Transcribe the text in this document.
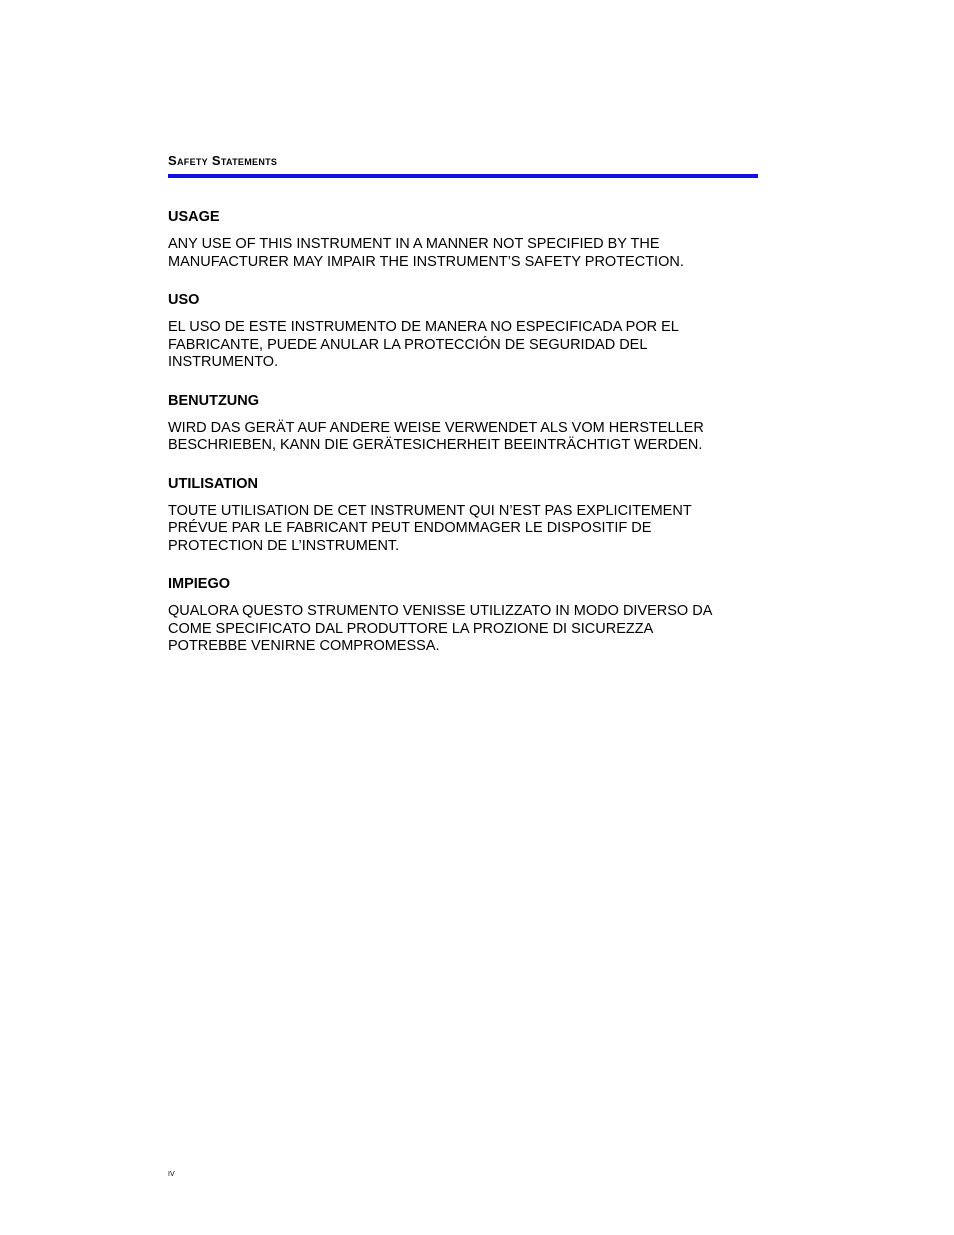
Safety Statements
USAGE

ANY USE OF THIS INSTRUMENT IN A MANNER NOT SPECIFIED BY THE
MANUFACTURER MAY IMPAIR THE INSTRUMENT’S SAFETY PROTECTION.

USO

EL USO DE ESTE INSTRUMENTO DE MANERA NO ESPECIFICADA POR EL
FABRICANTE, PUEDE ANULAR LA PROTECCIÓN DE SEGURIDAD DEL
INSTRUMENTO.

BENUTZUNG

WIRD DAS GERÄT AUF ANDERE WEISE VERWENDET ALS VOM HERSTELLER
BESCHRIEBEN, KANN DIE GERÄTESICHERHEIT BEEINTRÄCHTIGT WERDEN.

UTILISATION

TOUTE UTILISATION DE CET INSTRUMENT QUI N’EST PAS EXPLICITEMENT
PRÉVUE PAR LE FABRICANT PEUT ENDOMMAGER LE DISPOSITIF DE
PROTECTION DE L’INSTRUMENT.

IMPIEGO

QUALORA QUESTO STRUMENTO VENISSE UTILIZZATO IN MODO DIVERSO DA
COME SPECIFICATO DAL PRODUTTORE LA PROZIONE DI SICUREZZA
POTREBBE VENIRNE COMPROMESSA.

iv
